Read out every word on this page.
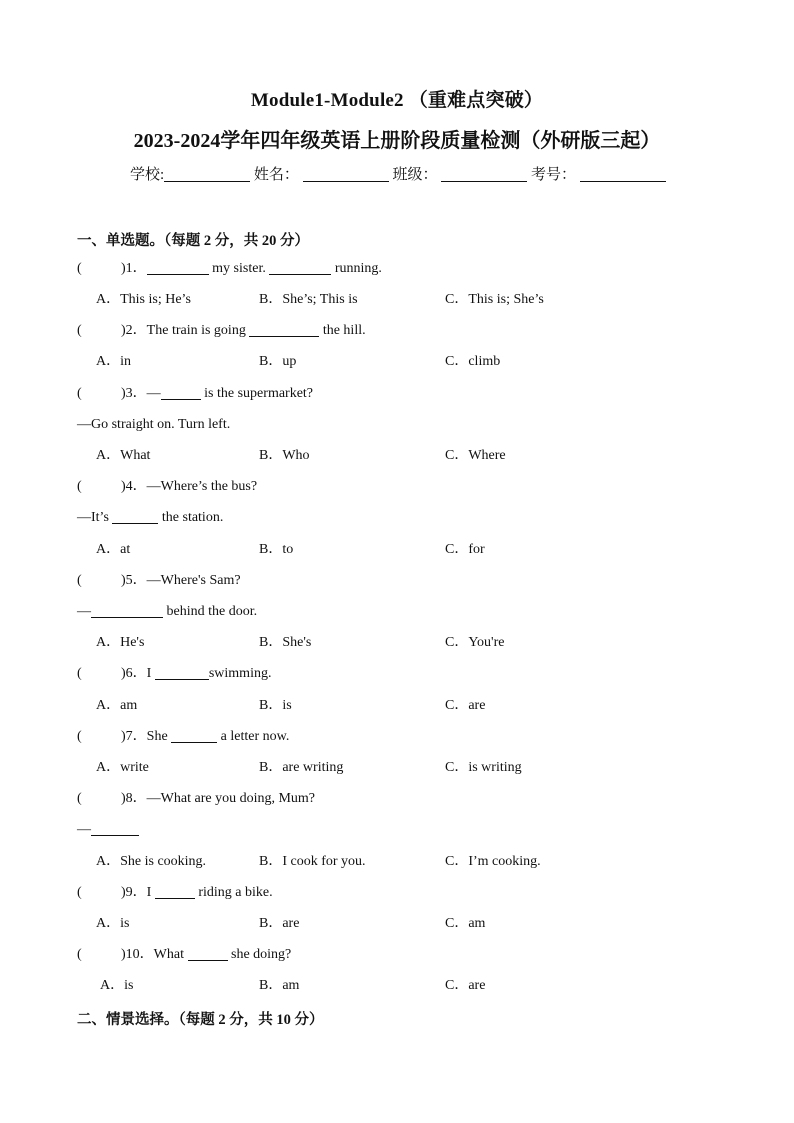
Module1-Module2 （重难点突破）
2023-2024学年四年级英语上册阶段质量检测（外研版三起）
学校:	姓名：	班级：	考号：
一、单选题。（每题 2 分，共 20 分）
(	)1．	my sister.	running.
A．This is; He’s	B．She’s; This is	C．This is; She’s
(	)2．The train is going	the hill.
A．in	B．up	C．climb
(	)3．—	is the supermarket?
—Go straight on. Turn left.
A．What	B．Who	C．Where
(	)4．—Where’s the bus?
—It’s	the station.
A．at	B．to	C．for
(	)5．—Where's Sam?
—	behind the door.
A．He's	B．She's	C．You're
(	)6．I	swimming.
A．am	B．is	C．are
(	)7．She	a letter now.
A．write	B．are writing	C．is writing
(	)8．—What are you doing, Mum?
—
A．She is cooking.	B．I cook for you.	C．I’m cooking.
(	)9．I	riding a bike.
A．is	B．are	C．am
(	)10．What	she doing?
A．is	B．am	C．are
二、情景选择。（每题 2 分，共 10 分）
